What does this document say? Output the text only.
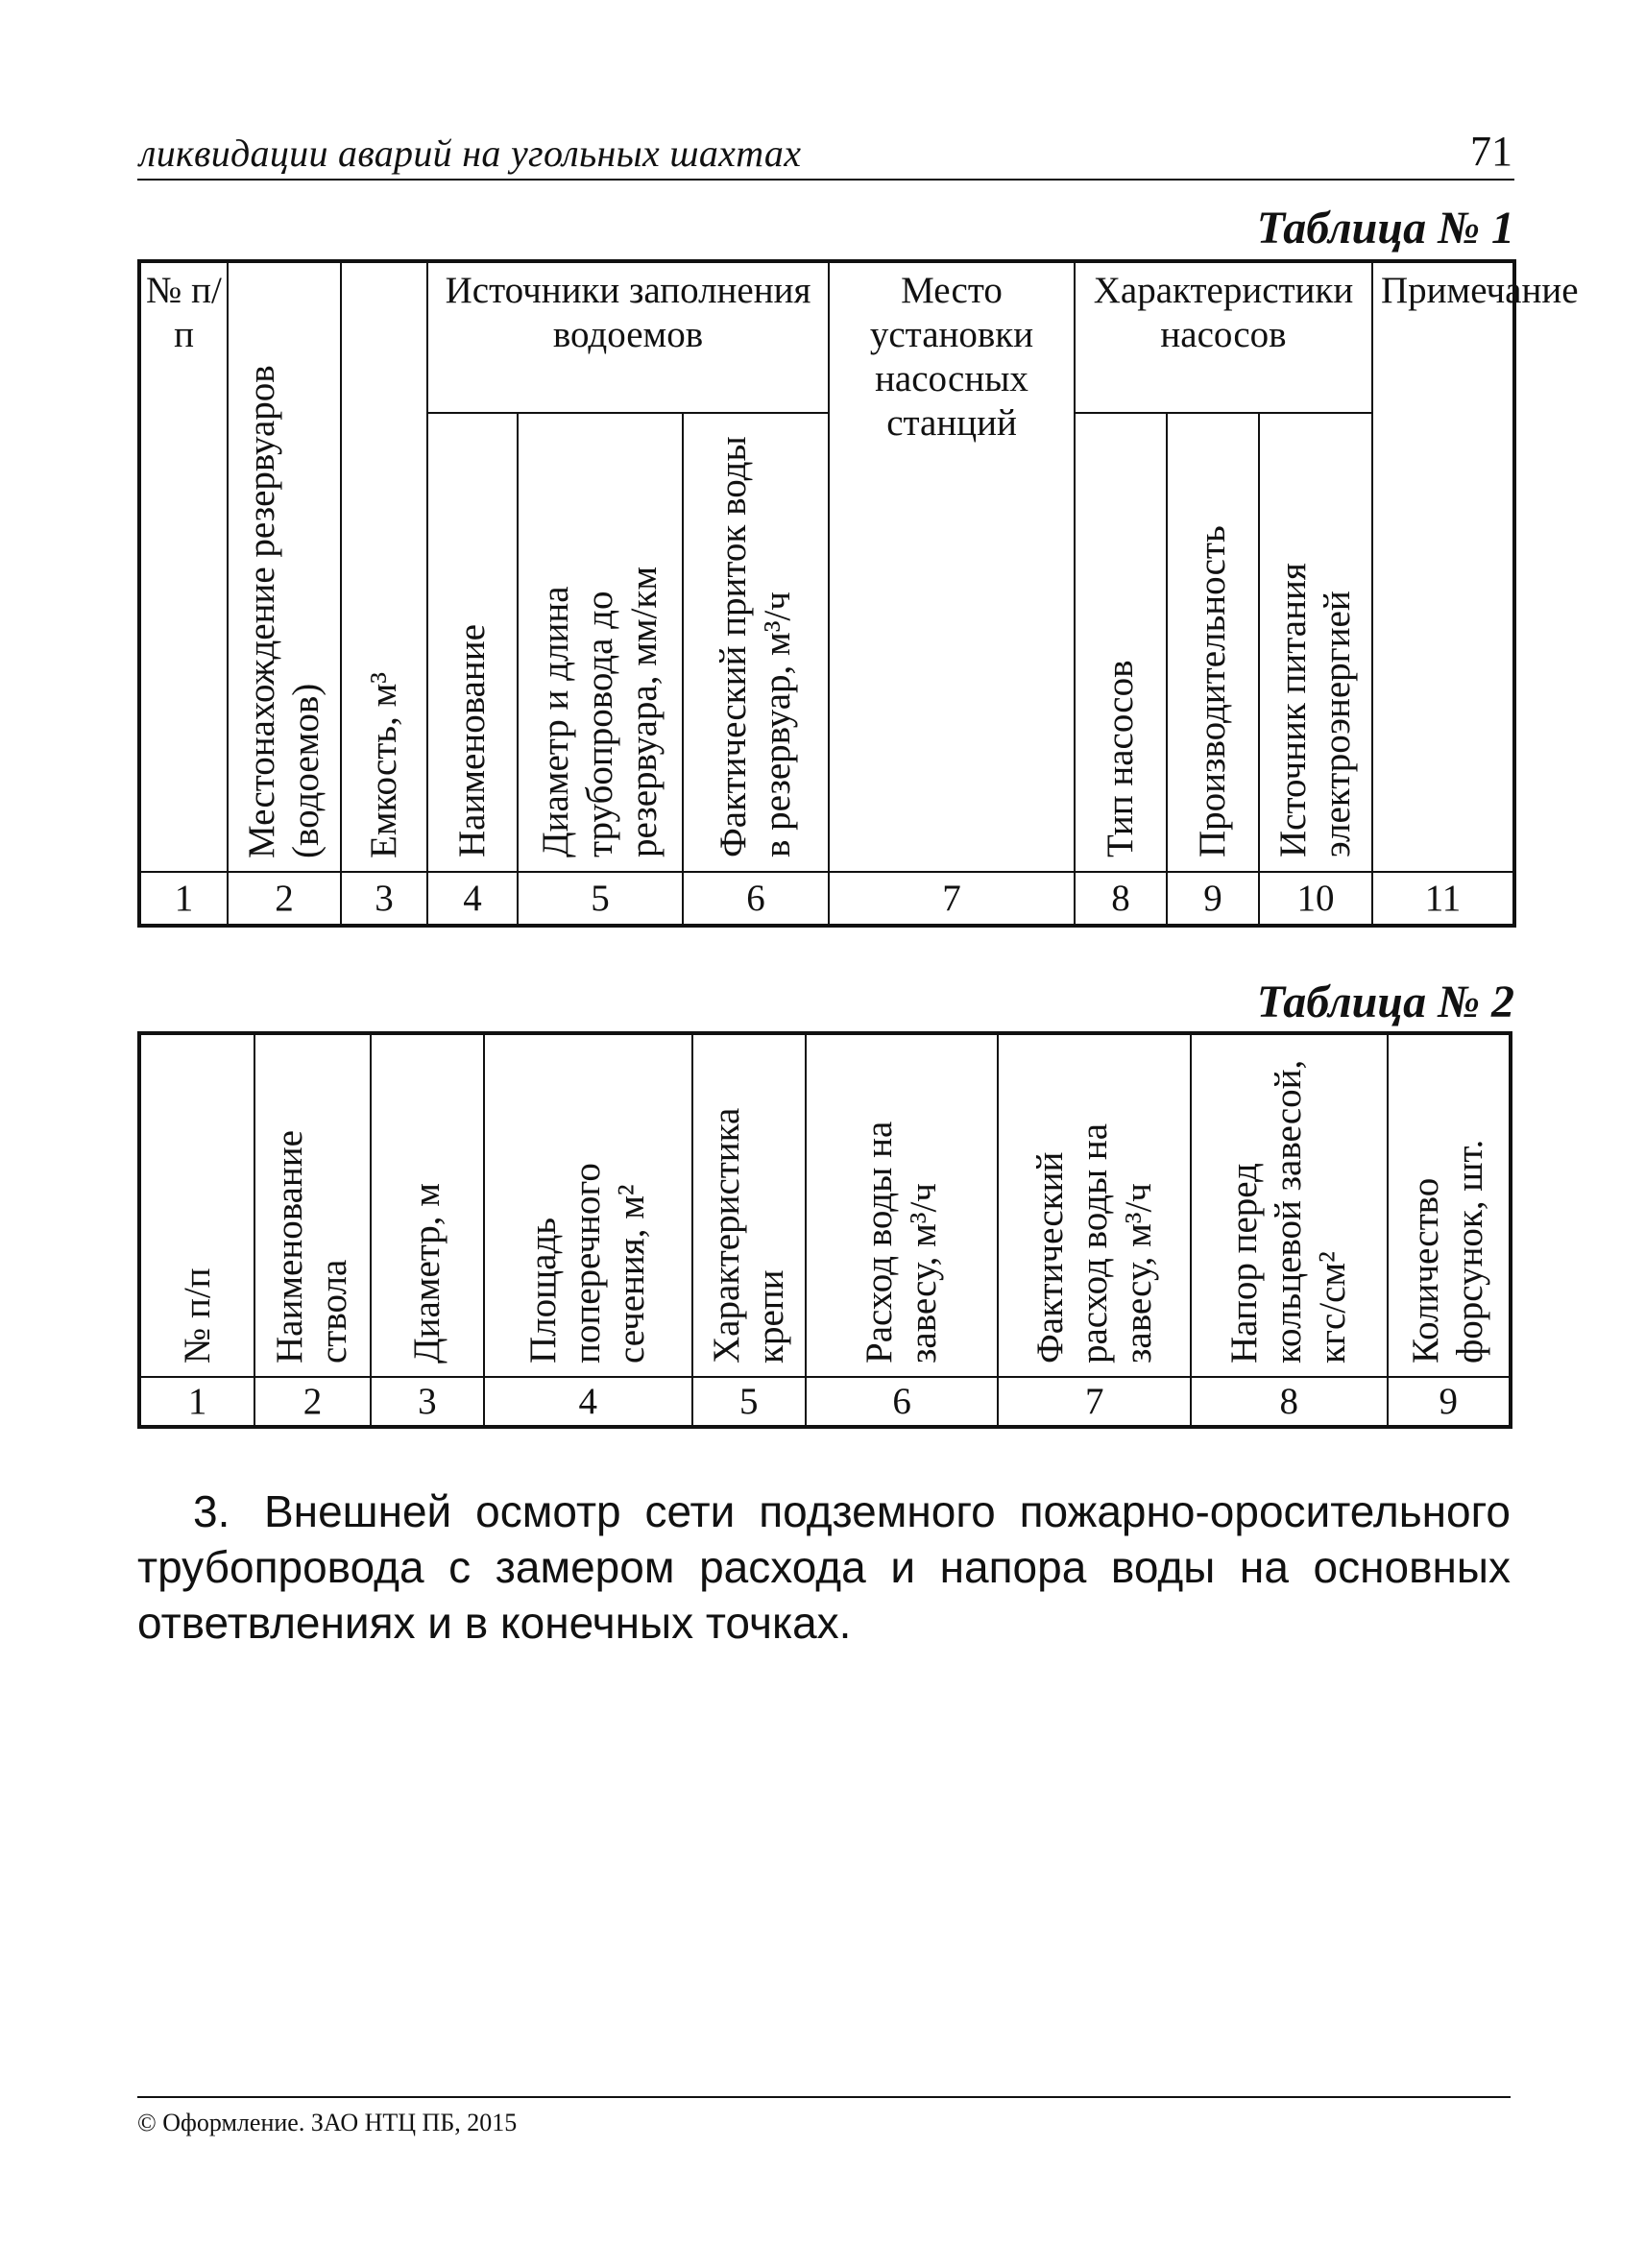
ликвидации аварий на угольных шахтах	71
Таблица № 1
№ п/п	Местонахождение резервуаров (водоемов)	Емкость, м³	Источники заполнения водоемов			Место установки насосных станций	Характеристики насосов			Примечание

			Наименование	Диаметр и длина трубопровода до резервуара, мм/км	Фактический приток воды в резервуар, м³/ч		Тип насосов	Производительность	Источник питания электроэнергией	

1	2	3	4	5	6	7	8	9	10	11
Таблица № 2
№ п/п	Наименование ствола	Диаметр, м	Площадь поперечного сечения, м²	Характеристика крепи	Расход воды на завесу, м³/ч	Фактический расход воды на завесу, м³/ч	Напор перед кольцевой завесой, кгс/см²	Количество форсунок, шт.

1	2	3	4	5	6	7	8	9
3. Внешней осмотр сети подземного пожарно-оросительного трубопровода с замером расхода и напора воды на основных ответвлениях и в конечных точках.
© Оформление. ЗАО НТЦ ПБ, 2015
